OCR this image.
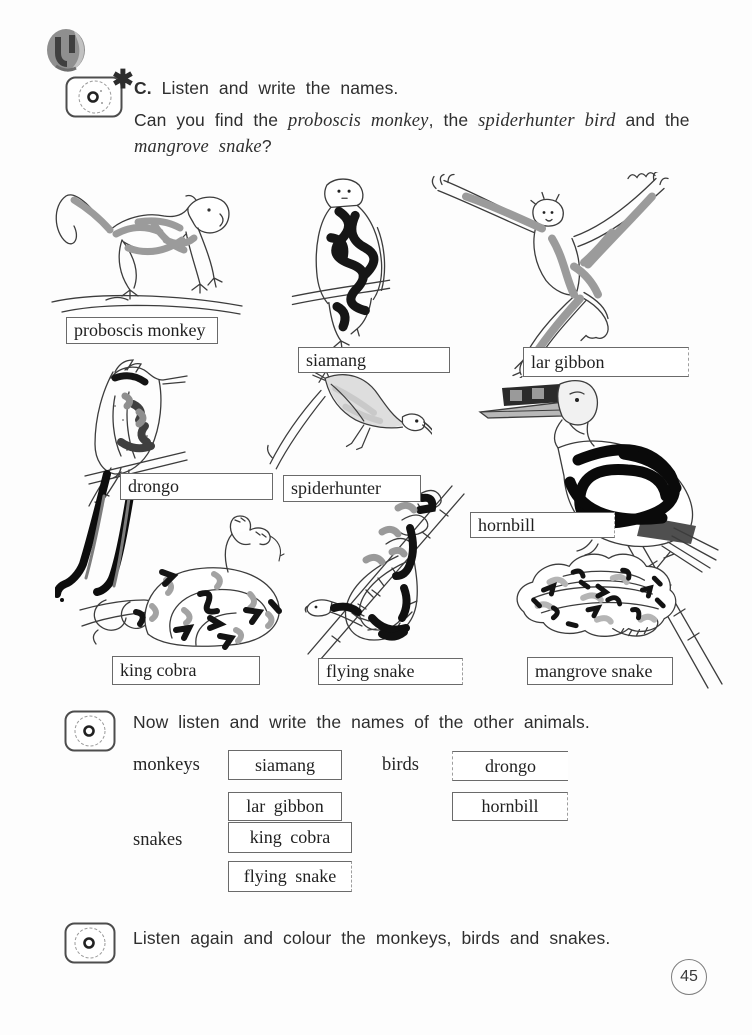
✱ C. Listen and write the names.
Can you find the proboscis monkey, the spiderhunter bird and the mangrove snake?
proboscis monkey
siamang	lar gibbon
drongo	spiderhunter
hornbill
king cobra	flying snake	mangrove snake
Now listen and write the names of the other animals.
monkeys	siamang	birds	drongo
lar gibbon	hornbill
snakes	king cobra
flying snake
Listen again and colour the monkeys, birds and snakes.
45
